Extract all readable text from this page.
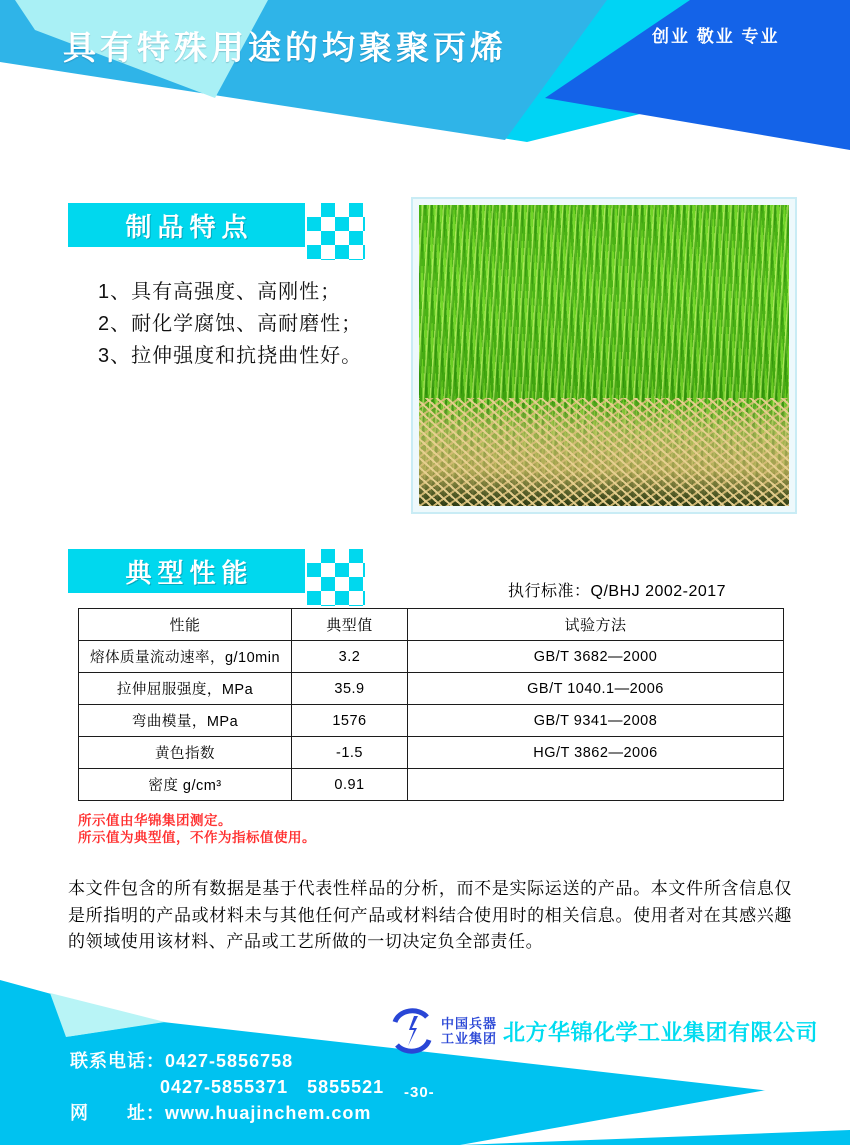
具有特殊用途的均聚聚丙烯	创业 敬业 专业
制品特点
1、具有高强度、高刚性；
2、耐化学腐蚀、高耐磨性；
3、拉伸强度和抗挠曲性好。
典型性能
执行标准：Q/BHJ 2002-2017
性能	典型值	试验方法
熔体质量流动速率，g/10min	3.2	GB/T 3682—2000
拉伸屈服强度，MPa	35.9	GB/T 1040.1—2006
弯曲模量，MPa	1576	GB/T 9341—2008
黄色指数	-1.5	HG/T 3862—2006
密度 g/cm³	0.91	
所示值由华锦集团测定。
所示值为典型值，不作为指标值使用。
本文件包含的所有数据是基于代表性样品的分析，而不是实际运送的产品。本文件所含信息仅是所指明的产品或材料未与其他任何产品或材料结合使用时的相关信息。使用者对在其感兴趣的领域使用该材料、产品或工艺所做的一切决定负全部责任。
中国兵器
工业集团 北方华锦化学工业集团有限公司
联系电话：0427-5856758
0427-5855371　5855521
网　　址：www.huajinchem.com
-30-
